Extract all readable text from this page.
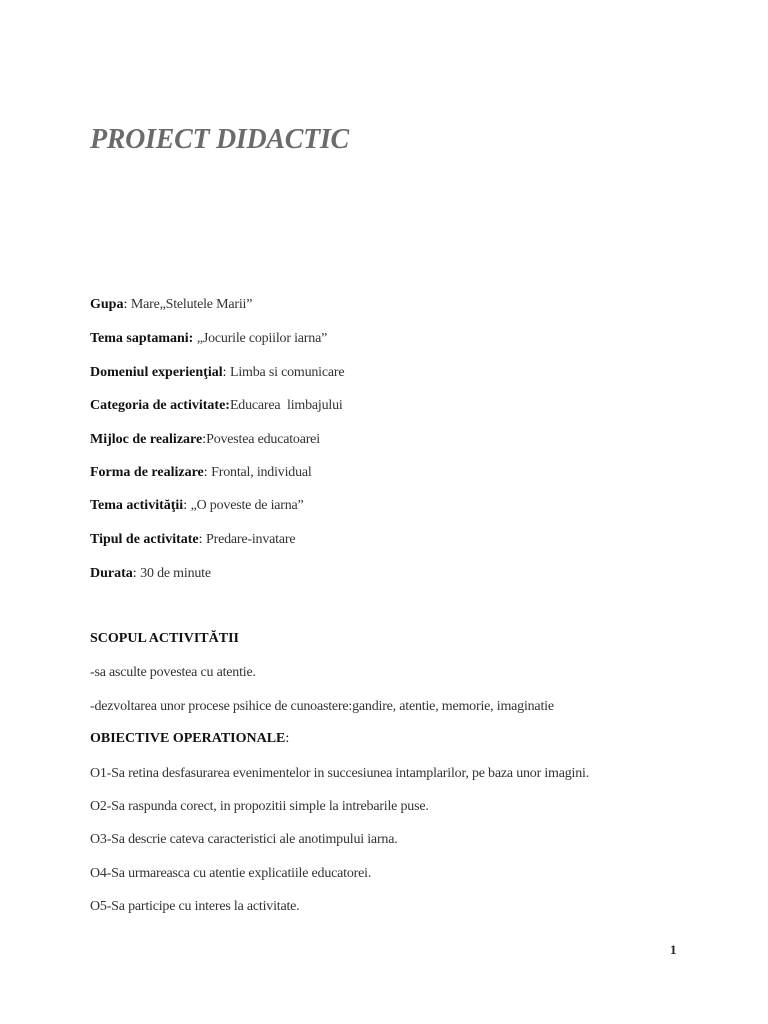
PROIECT DIDACTIC
Gupa: Mare„Stelutele Marii”
Tema saptamani: „Jocurile copiilor iarna”
Domeniul experienţial: Limba si comunicare
Categoria de activitate:Educarea  limbajului
Mijloc de realizare:Povestea educatoarei
Forma de realizare: Frontal, individual
Tema activităţii: „O poveste de iarna”
Tipul de activitate: Predare-invatare
Durata: 30 de minute
SCOPUL ACTIVITĂTII
-sa asculte povestea cu atentie.
-dezvoltarea unor procese psihice de cunoastere:gandire, atentie, memorie, imaginatie
OBIECTIVE OPERATIONALE:
O1-Sa retina desfasurarea evenimentelor in succesiunea intamplarilor, pe baza unor imagini.
O2-Sa raspunda corect, in propozitii simple la intrebarile puse.
O3-Sa descrie cateva caracteristici ale anotimpului iarna.
O4-Sa urmareasca cu atentie explicatiile educatorei.
O5-Sa participe cu interes la activitate.
1
